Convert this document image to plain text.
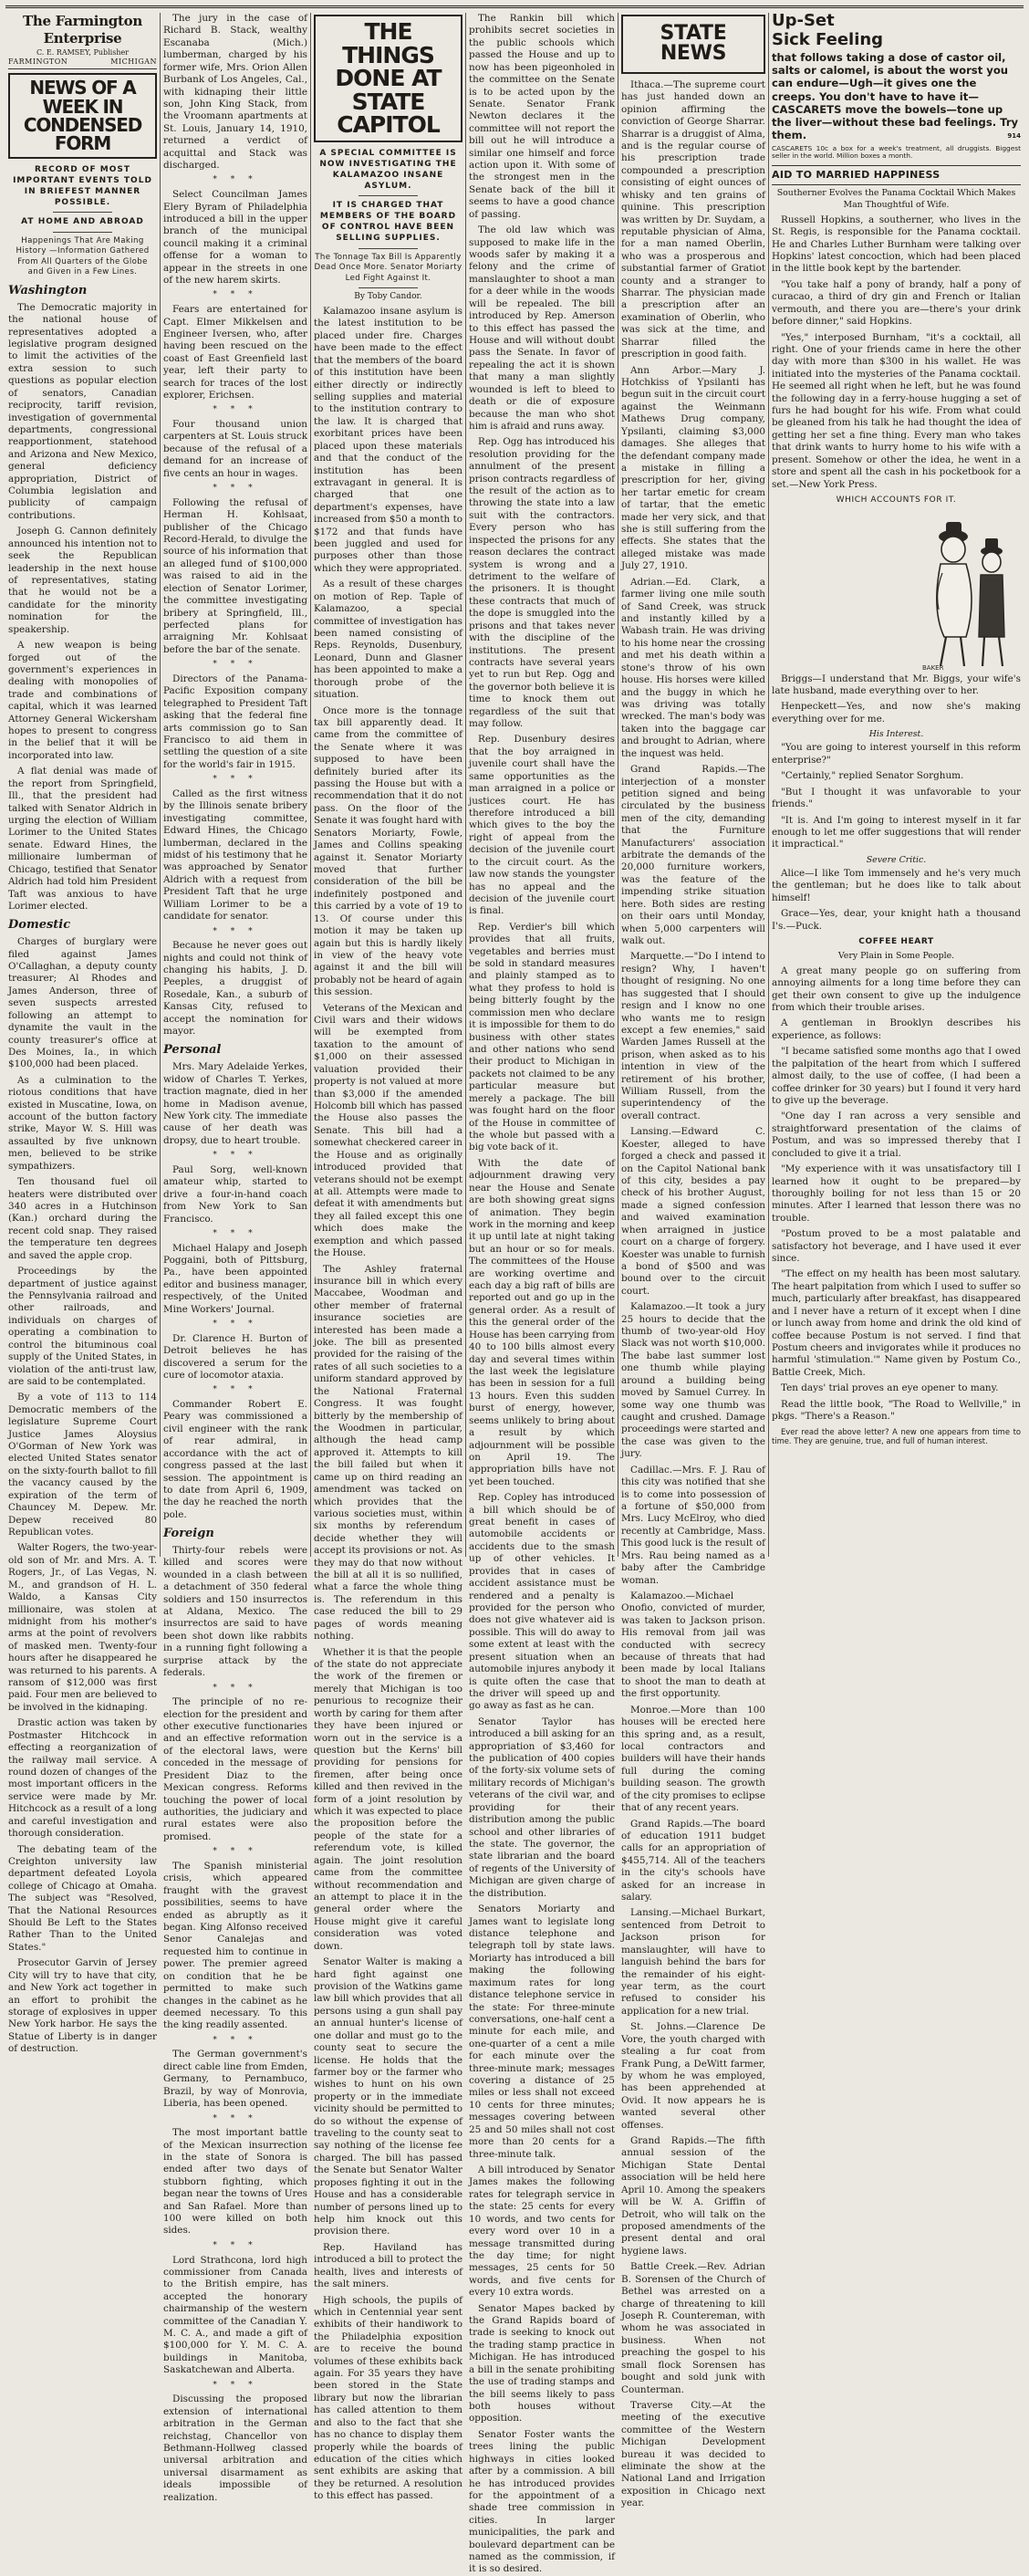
The Farmington Enterprise
C. E. RAMSEY, Publisher
FARMINGTON	MICHIGAN
NEWS OF A WEEK IN CONDENSED FORM
RECORD OF MOST IMPORTANT EVENTS TOLD IN BRIEFEST MANNER POSSIBLE.
AT HOME AND ABROAD
Happenings That Are Making History —Information Gathered From All Quarters of the Globe and Given in a Few Lines.
Washington

The Democratic majority in the national house of representatives adopted a legislative program designed to limit the activities of the extra session to such questions as popular election of senators, Canadian reciprocity, tariff revision, investigation of governmental departments, congressional reapportionment, statehood and Arizona and New Mexico, general deficiency appropriation, District of Columbia legislation and publicity of campaign contributions.

Joseph G. Cannon definitely announced his intention not to seek the Republican leadership in the next house of representatives, stating that he would not be a candidate for the minority nomination for the speakership.

A new weapon is being forged out of the government's experiences in dealing with monopolies of trade and combinations of capital, which it was learned Attorney General Wickersham hopes to present to congress in the belief that it will be incorporated into law.

A flat denial was made of the report from Springfield, Ill., that the president had talked with Senator Aldrich in urging the election of William Lorimer to the United States senate. Edward Hines, the millionaire lumberman of Chicago, testified that Senator Aldrich had told him President Taft was anxious to have Lorimer elected.

Domestic

Charges of burglary were filed against James O'Callaghan, a deputy county treasurer; Al Rhodes and James Anderson, three of seven suspects arrested following an attempt to dynamite the vault in the county treasurer's office at Des Moines, Ia., in which $100,000 had been placed.

As a culmination to the riotous conditions that have existed in Muscatine, Iowa, on account of the button factory strike, Mayor W. S. Hill was assaulted by five unknown men, believed to be strike sympathizers.

Ten thousand fuel oil heaters were distributed over 340 acres in a Hutchinson (Kan.) orchard during the recent cold snap. They raised the temperature ten degrees and saved the apple crop.

Proceedings by the department of justice against the Pennsylvania railroad and other railroads, and individuals on charges of operating a combination to control the bituminous coal supply of the United States, in violation of the anti-trust law, are said to be contemplated.

By a vote of 113 to 114 Democratic members of the legislature Supreme Court Justice James Aloysius O'Gorman of New York was elected United States senator on the sixty-fourth ballot to fill the vacancy caused by the expiration of the term of Chauncey M. Depew. Mr. Depew received 80 Republican votes.

Walter Rogers, the two-year-old son of Mr. and Mrs. A. T. Rogers, Jr., of Las Vegas, N. M., and grandson of H. L. Waldo, a Kansas City millionaire, was stolen at midnight from his mother's arms at the point of revolvers of masked men. Twenty-four hours after he disappeared he was returned to his parents. A ransom of $12,000 was first paid. Four men are believed to be involved in the kidnaping.

Drastic action was taken by Postmaster Hitchcock in effecting a reorganization of the railway mail service. A round dozen of changes of the most important officers in the service were made by Mr. Hitchcock as a result of a long and careful investigation and thorough consideration.

The debating team of the Creighton university law department defeated Loyola college of Chicago at Omaha. The subject was "Resolved, That the National Resources Should Be Left to the States Rather Than to the United States."

Prosecutor Garvin of Jersey City will try to have that city, and New York act together in an effort to prohibit the storage of explosives in upper New York harbor. He says the Statue of Liberty is in danger of destruction.

The jury in the case of Richard B. Stack, wealthy Escanaba (Mich.) lumberman, charged by his former wife, Mrs. Orion Allen Burbank of Los Angeles, Cal., with kidnaping their little son, John King Stack, from the Vroomann apartments at St. Louis, January 14, 1910, returned a verdict of acquittal and Stack was discharged.

* * *

Select Councilman James Elery Byram of Philadelphia introduced a bill in the upper branch of the municipal council making it a criminal offense for a woman to appear in the streets in one of the new harem skirts.

* * *

Fears are entertained for Capt. Elmer Mikkelsen and Engineer Iversen, who, after having been rescued on the coast of East Greenfield last year, left their party to search for traces of the lost explorer, Erichsen.

* * *

Four thousand union carpenters at St. Louis struck because of the refusal of a demand for an increase of five cents an hour in wages.

* * *

Following the refusal of Herman H. Kohlsaat, publisher of the Chicago Record-Herald, to divulge the source of his information that an alleged fund of $100,000 was raised to aid in the election of Senator Lorimer, the committee investigating bribery at Springfield, Ill., perfected plans for arraigning Mr. Kohlsaat before the bar of the senate.

* * *

Directors of the Panama-Pacific Exposition company telegraphed to President Taft asking that the federal fine arts commission go to San Francisco to aid them in settling the question of a site for the world's fair in 1915.

* * *

Called as the first witness by the Illinois senate bribery investigating committee, Edward Hines, the Chicago lumberman, declared in the midst of his testimony that he was approached by Senator Aldrich with a request from President Taft that he urge William Lorimer to be a candidate for senator.

* * *

Because he never goes out nights and could not think of changing his habits, J. D. Peeples, a druggist of Rosedale, Kan., a suburb of Kansas City, refused to accept the nomination for mayor.

Personal

Mrs. Mary Adelaide Yerkes, widow of Charles T. Yerkes, traction magnate, died in her home in Madison avenue, New York city. The immediate cause of her death was dropsy, due to heart trouble.

* * *

Paul Sorg, well-known amateur whip, started to drive a four-in-hand coach from New York to San Francisco.

* * *

Michael Halapy and Joseph Poggaini, both of Pittsburg, Pa., have been appointed editor and business manager, respectively, of the United Mine Workers' Journal.

* * *

Dr. Clarence H. Burton of Detroit believes he has discovered a serum for the cure of locomotor ataxia.

* * *

Commander Robert E. Peary was commissioned a civil engineer with the rank of rear admiral, in accordance with the act of congress passed at the last session. The appointment is to date from April 6, 1909, the day he reached the north pole.

Foreign

Thirty-four rebels were killed and scores were wounded in a clash between a detachment of 350 federal soldiers and 150 insurrectos at Aldana, Mexico. The insurrectos are said to have been shot down like rabbits in a running fight following a surprise attack by the federals.

* * *

The principle of no re-election for the president and other executive functionaries and an effective reformation of the electoral laws, were conceded in the message of President Diaz to the Mexican congress. Reforms touching the power of local authorities, the judiciary and rural estates were also promised.

* * *

The Spanish ministerial crisis, which appeared fraught with the gravest possibilities, seems to have ended as abruptly as it began. King Alfonso received Senor Canalejas and requested him to continue in power. The premier agreed on condition that he be permitted to make such changes in the cabinet as he deemed necessary. To this the king readily assented.

* * *

The German government's direct cable line from Emden, Germany, to Pernambuco, Brazil, by way of Monrovia, Liberia, has been opened.

* * *

The most important battle of the Mexican insurrection in the state of Sonora is ended after two days of stubborn fighting, which began near the towns of Ures and San Rafael. More than 100 were killed on both sides.

* * *

Lord Strathcona, lord high commissioner from Canada to the British empire, has accepted the honorary chairmanship of the western committee of the Canadian Y. M. C. A., and made a gift of $100,000 for Y. M. C. A. buildings in Manitoba, Saskatchewan and Alberta.

* * *

Discussing the proposed extension of international arbitration in the German reichstag, Chancellor von Bethmann-Hollweg classed universal arbitration and universal disarmament as ideals impossible of realization.

THE THINGS DONE AT STATE CAPITOL
A SPECIAL COMMITTEE IS NOW INVESTIGATING THE KALAMAZOO INSANE ASYLUM.
IT IS CHARGED THAT MEMBERS OF THE BOARD OF CONTROL HAVE BEEN SELLING SUPPLIES.
The Tonnage Tax Bill Is Apparently Dead Once More. Senator Moriarty Led Fight Against It.
By Toby Candor.

Kalamazoo insane asylum is the latest institution to be placed under fire. Charges have been made to the effect that the members of the board of this institution have been either directly or indirectly selling supplies and material to the institution contrary to the law. It is charged that exorbitant prices have been placed upon these materials and that the conduct of the institution has been extravagant in general. It is charged that one department's expenses, have increased from $50 a month to $172 and that funds have been juggled and used for purposes other than those which they were appropriated.

As a result of these charges on motion of Rep. Taple of Kalamazoo, a special committee of investigation has been named consisting of Reps. Reynolds, Dusenbury, Leonard, Dunn and Glasner has been appointed to make a thorough probe of the situation.

Once more is the tonnage tax bill apparently dead. It came from the committee of the Senate where it was supposed to have been definitely buried after its passing the House but with a recommendation that it do not pass. On the floor of the Senate it was fought hard with Senators Moriarty, Fowle, James and Collins speaking against it. Senator Moriarty moved that further consideration of the bill be indefinitely postponed and this carried by a vote of 19 to 13. Of course under this motion it may be taken up again but this is hardly likely in view of the heavy vote against it and the bill will probably not be heard of again this session.

Veterans of the Mexican and Civil wars and their widows will be exempted from taxation to the amount of $1,000 on their assessed valuation provided their property is not valued at more than $3,000 if the amended Holcomb bill which has passed the House also passes the Senate. This bill had a somewhat checkered career in the House and as originally introduced provided that veterans should not be exempt at all. Attempts were made to defeat it with amendments but they all failed except this one which does make the exemption and which passed the House.

The Ashley fraternal insurance bill in which every Maccabee, Woodman and other member of fraternal insurance societies are interested has been made a joke. The bill as presented provided for the raising of the rates of all such societies to a uniform standard approved by the National Fraternal Congress. It was fought bitterly by the membership of the Woodmen in particular, although the head camp approved it. Attempts to kill the bill failed but when it came up on third reading an amendment was tacked on which provides that the various societies must, within six months by referendum decide whether they will accept its provisions or not. As they may do that now without the bill at all it is so nullified, what a farce the whole thing is. The referendum in this case reduced the bill to 29 pages of words meaning nothing.

Whether it is that the people of the state do not appreciate the work of the firemen or merely that Michigan is too penurious to recognize their worth by caring for them after they have been injured or worn out in the service is a question but the Kerns' bill providing for pensions for firemen, after being once killed and then revived in the form of a joint resolution by which it was expected to place the proposition before the people of the state for a referendum vote, is killed again. The joint resolution came from the committee without recommendation and an attempt to place it in the general order where the House might give it careful consideration was voted down.

Senator Walter is making a hard fight against one provision of the Watkins game law bill which provides that all persons using a gun shall pay an annual hunter's license of one dollar and must go to the county seat to secure the license. He holds that the farmer boy or the farmer who wishes to hunt on his own property or in the immediate vicinity should be permitted to do so without the expense of traveling to the county seat to say nothing of the license fee charged. The bill has passed the Senate but Senator Walter proposes fighting it out in the House and has a considerable number of persons lined up to help him knock out this provision there.

Rep. Haviland has introduced a bill to protect the health, lives and interests of the salt miners.

High schools, the pupils of which in Centennial year sent exhibits of their handiwork to the Philadelphia exposition are to receive the bound volumes of these exhibits back again. For 35 years they have been stored in the State library but now the librarian has called attention to them and also to the fact that she has no chance to display them properly while the boards of education of the cities which sent exhibits are asking that they be returned. A resolution to this effect has passed.

The Rankin bill which prohibits secret societies in the public schools which passed the House and up to now has been pigeonholed in the committee on the Senate is to be acted upon by the Senate. Senator Frank Newton declares it the committee will not report the bill out he will introduce a similar one himself and force action upon it. With some of the strongest men in the Senate back of the bill it seems to have a good chance of passing.

The old law which was supposed to make life in the woods safer by making it a felony and the crime of manslaughter to shoot a man for a deer while in the woods will be repealed. The bill introduced by Rep. Amerson to this effect has passed the House and will without doubt pass the Senate. In favor of repealing the act it is shown that many a man slightly wounded is left to bleed to death or die of exposure because the man who shot him is afraid and runs away.

Rep. Ogg has introduced his resolution providing for the annulment of the present prison contracts regardless of the result of the action as to throwing the state into a law suit with the contractors. Every person who has inspected the prisons for any reason declares the contract system is wrong and a detriment to the welfare of the prisoners. It is thought these contracts that much of the dope is smuggled into the prisons and that takes never with the discipline of the institutions. The present contracts have several years yet to run but Rep. Ogg and the governor both believe it is time to knock them out regardless of the suit that may follow.

Rep. Dusenbury desires that the boy arraigned in juvenile court shall have the same opportunities as the man arraigned in a police or justices court. He has therefore introduced a bill which gives to the boy the right of appeal from the decision of the juvenile court to the circuit court. As the law now stands the youngster has no appeal and the decision of the juvenile court is final.

Rep. Verdier's bill which provides that all fruits, vegetables and berries must be sold in standard measures and plainly stamped as to what they profess to hold is being bitterly fought by the commission men who declare it is impossible for them to do business with other states and other nations who send their product to Michigan in packets not claimed to be any particular measure but merely a package. The bill was fought hard on the floor of the House in committee of the whole but passed with a big vote back of it.

With the date of adjournment drawing very near the House and Senate are both showing great signs of animation. They begin work in the morning and keep it up until late at night taking but an hour or so for meals. The committees of the House are working overtime and each day a big raft of bills are reported out and go up in the general order. As a result of this the general order of the House has been carrying from 40 to 100 bills almost every day and several times within the last week the legislature has been in session for a full 13 hours. Even this sudden burst of energy, however, seems unlikely to bring about a result by which adjournment will be possible on April 19. The appropriation bills have not yet been touched.

Rep. Copley has introduced a bill which should be of great benefit in cases of automobile accidents or accidents due to the smash up of other vehicles. It provides that in cases of accident assistance must be rendered and a penalty is provided for the person who does not give whatever aid is possible. This will do away to some extent at least with the present situation when an automobile injures anybody it is quite often the case that the driver will speed up and go away as fast as he can.

Senator Taylor has introduced a bill asking for an appropriation of $3,460 for the publication of 400 copies of the forty-six volume sets of military records of Michigan's veterans of the civil war, and providing for their distribution among the public school and other libraries of the state. The governor, the state librarian and the board of regents of the University of Michigan are given charge of the distribution.

Senators Moriarty and James want to legislate long distance telephone and telegraph toll by state laws. Moriarty has introduced a bill making the following maximum rates for long distance telephone service in the state: For three-minute conversations, one-half cent a minute for each mile, and one-quarter of a cent a mile for each minute over the three-minute mark; messages covering a distance of 25 miles or less shall not exceed 10 cents for three minutes; messages covering between 25 and 50 miles shall not cost more than 20 cents for a three-minute talk.

A bill introduced by Senator James makes the following rates for telegraph service in the state: 25 cents for every 10 words, and two cents for every word over 10 in a message transmitted during the day time; for night messages, 25 cents for 50 words, and five cents for every 10 extra words.

Senator Mapes backed by the Grand Rapids board of trade is seeking to knock out the trading stamp practice in Michigan. He has introduced a bill in the senate prohibiting the use of trading stamps and the bill seems likely to pass both houses without opposition.

Senator Foster wants the trees lining the public highways in cities looked after by a commission. A bill he has introduced provides for the appointment of a shade tree commission in cities. In larger municipalities, the park and boulevard department can be named as the commission, if it is so desired.

STATE NEWS

Ithaca.—The supreme court has just handed down an opinion affirming the conviction of George Sharrar. Sharrar is a druggist of Alma, and is the regular course of his prescription trade compounded a prescription consisting of eight ounces of whisky and ten grains of quinine. This prescription was written by Dr. Suydam, a reputable physician of Alma, for a man named Oberlin, who was a prosperous and substantial farmer of Gratiot county and a stranger to Sharrar. The physician made a prescription after an examination of Oberlin, who was sick at the time, and Sharrar filled the prescription in good faith.

Ann Arbor.—Mary J. Hotchkiss of Ypsilanti has begun suit in the circuit court against the Weinmann Mathews Drug company, Ypsilanti, claiming $3,000 damages. She alleges that the defendant company made a mistake in filling a prescription for her, giving her tartar emetic for cream of tartar, that the emetic made her very sick, and that she is still suffering from the effects. She states that the alleged mistake was made July 27, 1910.

Adrian.—Ed. Clark, a farmer living one mile south of Sand Creek, was struck and instantly killed by a Wabash train. He was driving to his home near the crossing and met his death within a stone's throw of his own house. His horses were killed and the buggy in which he was driving was totally wrecked. The man's body was taken into the baggage car and brought to Adrian, where the inquest was held.

Grand Rapids.—The interjection of a monster petition signed and being circulated by the business men of the city, demanding that the Furniture Manufacturers' association arbitrate the demands of the 20,000 furniture workers, was the feature of the impending strike situation here. Both sides are resting on their oars until Monday, when 5,000 carpenters will walk out.

Marquette.—"Do I intend to resign? Why, I haven't thought of resigning. No one has suggested that I should resign and I know no one who wants me to resign except a few enemies," said Warden James Russell at the prison, when asked as to his intention in view of the retirement of his brother, William Russell, from the superintendency of the overall contract.

Lansing.—Edward C. Koester, alleged to have forged a check and passed it on the Capitol National bank of this city, besides a pay check of his brother August, made a signed confession and waived examination when arraigned in justice court on a charge of forgery. Koester was unable to furnish a bond of $500 and was bound over to the circuit court.

Kalamazoo.—It took a jury 25 hours to decide that the thumb of two-year-old Hoy Slack was not worth $10,000. The babe last summer lost one thumb while playing around a building being moved by Samuel Currey. In some way one thumb was caught and crushed. Damage proceedings were started and the case was given to the jury.

Cadillac.—Mrs. F. J. Rau of this city was notified that she is to come into possession of a fortune of $50,000 from Mrs. Lucy McElroy, who died recently at Cambridge, Mass. This good luck is the result of Mrs. Rau being named as a baby after the Cambridge woman.

Kalamazoo.—Michael Onofio, convicted of murder, was taken to Jackson prison. His removal from jail was conducted with secrecy because of threats that had been made by local Italians to shoot the man to death at the first opportunity.

Monroe.—More than 100 houses will be erected here this spring and, as a result, local contractors and builders will have their hands full during the coming building season. The growth of the city promises to eclipse that of any recent years.

Grand Rapids.—The board of education 1911 budget calls for an appropriation of $455,714. All of the teachers in the city's schools have asked for an increase in salary.

Lansing.—Michael Burkart, sentenced from Detroit to Jackson prison for manslaughter, will have to languish behind the bars for the remainder of his eight-year term, as the court refused to consider his application for a new trial.

St. Johns.—Clarence De Vore, the youth charged with stealing a fur coat from Frank Pung, a DeWitt farmer, by whom he was employed, has been apprehended at Ovid. It now appears he is wanted several other offenses.

Grand Rapids.—The fifth annual session of the Michigan State Dental association will be held here April 10. Among the speakers will be W. A. Griffin of Detroit, who will talk on the proposed amendments of the present dental and oral hygiene laws.

Battle Creek.—Rev. Adrian B. Sorensen of the Church of Bethel was arrested on a charge of threatening to kill Joseph R. Countereman, with whom he was associated in business. When not preaching the gospel to his small flock Sorensen has bought and sold junk with Counterman.

Traverse City.—At the meeting of the executive committee of the Western Michigan Development bureau it was decided to eliminate the show at the National Land and Irrigation exposition in Chicago next year.

Up-Set
Sick Feeling
that follows taking a dose of castor oil, salts or calomel, is about the worst you can endure—Ugh—it gives one the creeps. You don't have to have it—CASCARETS move the bowels—tone up the liver—without these bad feelings. Try them.	914
CASCARETS 10c a box for a week's treatment, all druggists. Biggest seller in the world. Million boxes a month.
AID TO MARRIED HAPPINESS
Southerner Evolves the Panama Cocktail Which Makes Man Thoughtful of Wife.

Russell Hopkins, a southerner, who lives in the St. Regis, is responsible for the Panama cocktail. He and Charles Luther Burnham were talking over Hopkins' latest concoction, which had been placed in the little book kept by the bartender.

"You take half a pony of brandy, half a pony of curacao, a third of dry gin and French or Italian vermouth, and there you are—there's your drink before dinner," said Hopkins.

"Yes," interposed Burnham, "it's a cocktail, all right. One of your friends came in here the other day with more than $300 in his wallet. He was initiated into the mysteries of the Panama cocktail. He seemed all right when he left, but he was found the following day in a ferry-house hugging a set of furs he had bought for his wife. From what could be gleaned from his talk he had thought the idea of getting her set a fine thing. Every man who takes that drink wants to hurry home to his wife with a present. Somehow or other the idea, he went in a store and spent all the cash in his pocketbook for a set.—New York Press.

WHICH ACCOUNTS FOR IT.
BAKER

Briggs—I understand that Mr. Biggs, your wife's late husband, made everything over to her.

Henpeckett—Yes, and now she's making everything over for me.

His Interest.

"You are going to interest yourself in this reform enterprise?"

"Certainly," replied Senator Sorghum.

"But I thought it was unfavorable to your friends."

"It is. And I'm going to interest myself in it far enough to let me offer suggestions that will render it impractical."

Severe Critic.

Alice—I like Tom immensely and he's very much the gentleman; but he does like to talk about himself!

Grace—Yes, dear, your knight hath a thousand I's.—Puck.

COFFEE HEART
Very Plain in Some People.

A great many people go on suffering from annoying ailments for a long time before they can get their own consent to give up the indulgence from which their trouble arises.

A gentleman in Brooklyn describes his experience, as follows:

"I became satisfied some months ago that I owed the palpitation of the heart from which I suffered almost daily, to the use of coffee, (I had been a coffee drinker for 30 years) but I found it very hard to give up the beverage.

"One day I ran across a very sensible and straightforward presentation of the claims of Postum, and was so impressed thereby that I concluded to give it a trial.

"My experience with it was unsatisfactory till I learned how it ought to be prepared—by thoroughly boiling for not less than 15 or 20 minutes. After I learned that lesson there was no trouble.

"Postum proved to be a most palatable and satisfactory hot beverage, and I have used it ever since.

"The effect on my health has been most salutary. The heart palpitation from which I used to suffer so much, particularly after breakfast, has disappeared and I never have a return of it except when I dine or lunch away from home and drink the old kind of coffee because Postum is not served. I find that Postum cheers and invigorates while it produces no harmful 'stimulation.'" Name given by Postum Co., Battle Creek, Mich.

Ten days' trial proves an eye opener to many.

Read the little book, "The Road to Wellville," in pkgs. "There's a Reason."

Ever read the above letter? A new one appears from time to time. They are genuine, true, and full of human interest.
